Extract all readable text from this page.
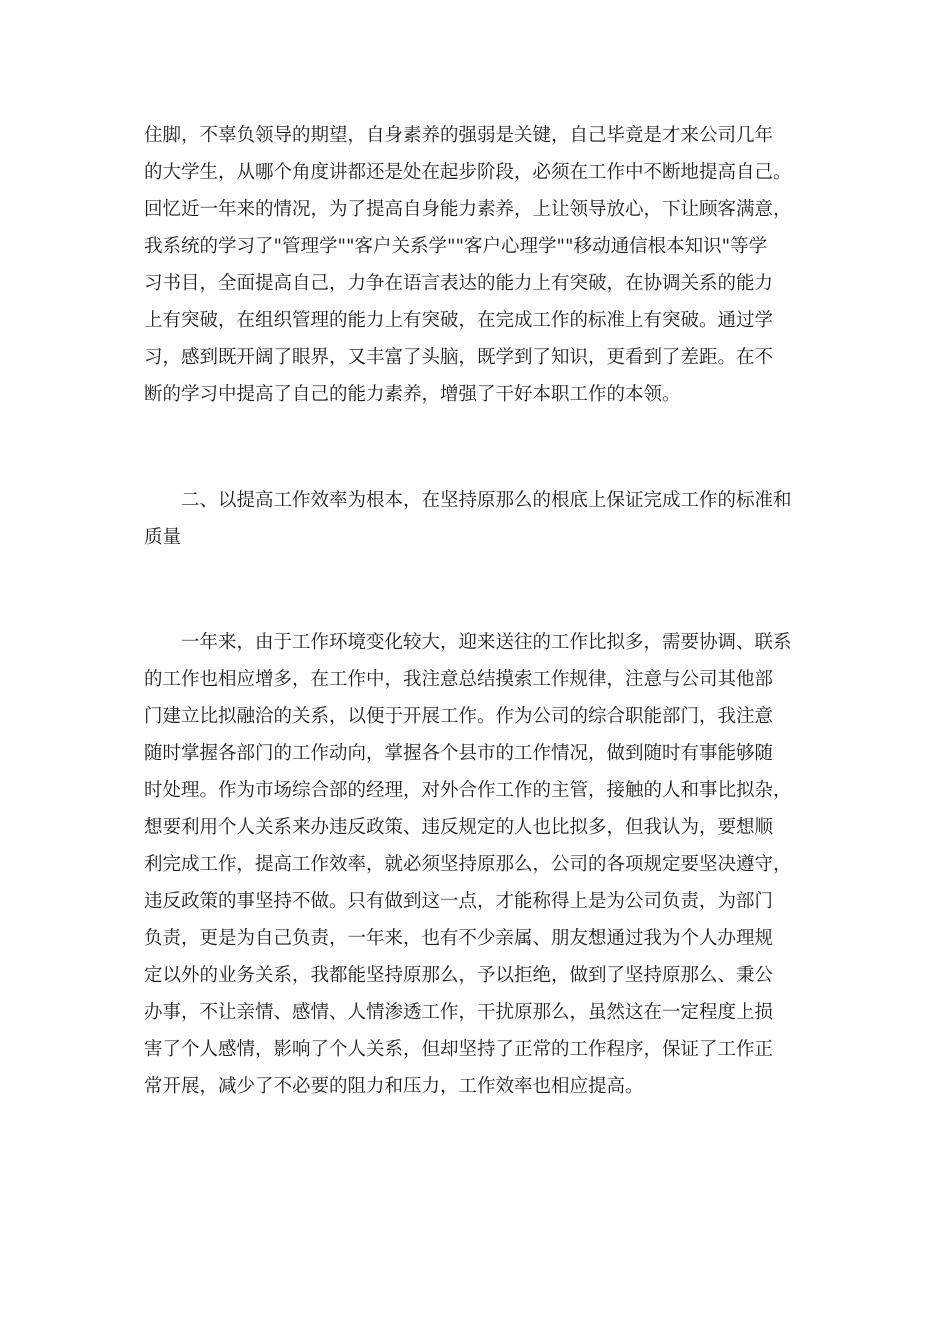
住脚，不辜负领导的期望，自身素养的强弱是关键，自己毕竟是才来公司几年

的大学生，从哪个角度讲都还是处在起步阶段，必须在工作中不断地提高自己。

回忆近一年来的情况，为了提高自身能力素养，上让领导放心，下让顾客满意，

我系统的学习了"管理学""客户关系学""客户心理学""移动通信根本知识"等学

习书目，全面提高自己，力争在语言表达的能力上有突破，在协调关系的能力

上有突破，在组织管理的能力上有突破，在完成工作的标准上有突破。通过学

习，感到既开阔了眼界，又丰富了头脑，既学到了知识，更看到了差距。在不

断的学习中提高了自己的能力素养，增强了干好本职工作的本领。

　　二、以提高工作效率为根本，在坚持原那么的根底上保证完成工作的标准和

质量

　　一年来，由于工作环境变化较大，迎来送往的工作比拟多，需要协调、联系

的工作也相应增多，在工作中，我注意总结摸索工作规律，注意与公司其他部

门建立比拟融洽的关系，以便于开展工作。作为公司的综合职能部门，我注意

随时掌握各部门的工作动向，掌握各个县市的工作情况，做到随时有事能够随

时处理。作为市场综合部的经理，对外合作工作的主管，接触的人和事比拟杂，

想要利用个人关系来办违反政策、违反规定的人也比拟多，但我认为，要想顺

利完成工作，提高工作效率，就必须坚持原那么，公司的各项规定要坚决遵守，

违反政策的事坚持不做。只有做到这一点，才能称得上是为公司负责，为部门

负责，更是为自己负责，一年来，也有不少亲属、朋友想通过我为个人办理规

定以外的业务关系，我都能坚持原那么，予以拒绝，做到了坚持原那么、秉公

办事，不让亲情、感情、人情渗透工作，干扰原那么，虽然这在一定程度上损

害了个人感情，影响了个人关系，但却坚持了正常的工作程序，保证了工作正

常开展，减少了不必要的阻力和压力，工作效率也相应提高。
